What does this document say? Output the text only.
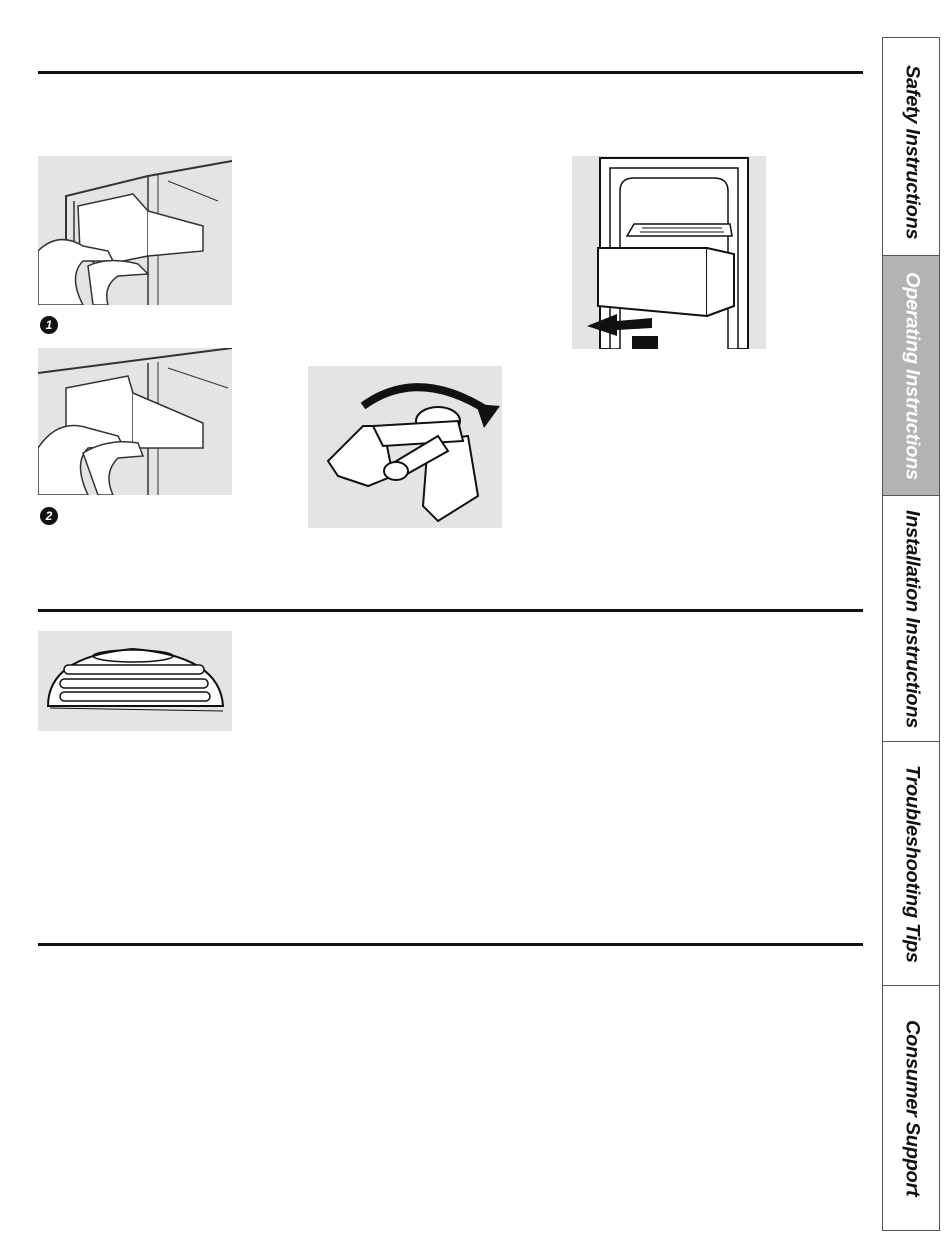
1
2
Safety Instructions
Operating Instructions
Installation Instructions
Troubleshooting Tips
Consumer Support
